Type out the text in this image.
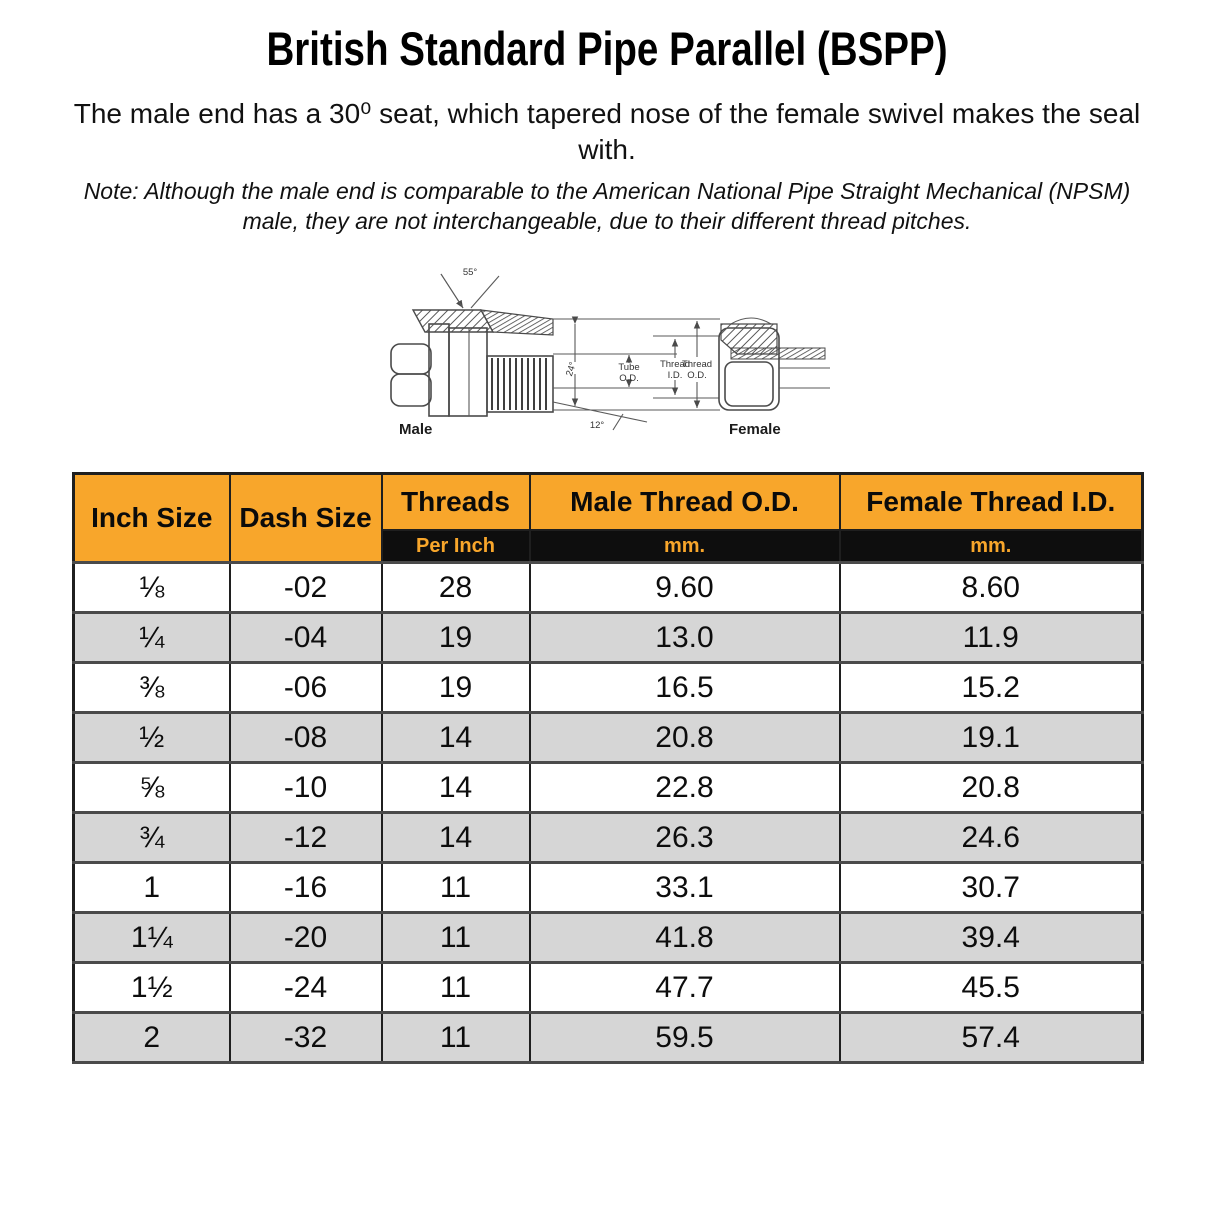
British Standard Pipe Parallel (BSPP)
The male end has a 30⁰ seat, which tapered nose of the female swivel makes the seal
with.
Note: Although the male end is comparable to the American National Pipe Straight Mechanical (NPSM)
male, they are not interchangeable, due to their different thread pitches.
55°
24°	Tube
O.D.
Thread
O.D.
12°
Male
Thread
I.D.
Female
Inch Size	Dash Size	Threads	Male Thread O.D.	Female Thread I.D.
		Per Inch	mm.	mm.
⅛	-02	28	9.60	8.60
¼	-04	19	13.0	11.9
⅜	-06	19	16.5	15.2
½	-08	14	20.8	19.1
⅝	-10	14	22.8	20.8
¾	-12	14	26.3	24.6
1	-16	11	33.1	30.7
1¼	-20	11	41.8	39.4
1½	-24	11	47.7	45.5
2	-32	11	59.5	57.4
